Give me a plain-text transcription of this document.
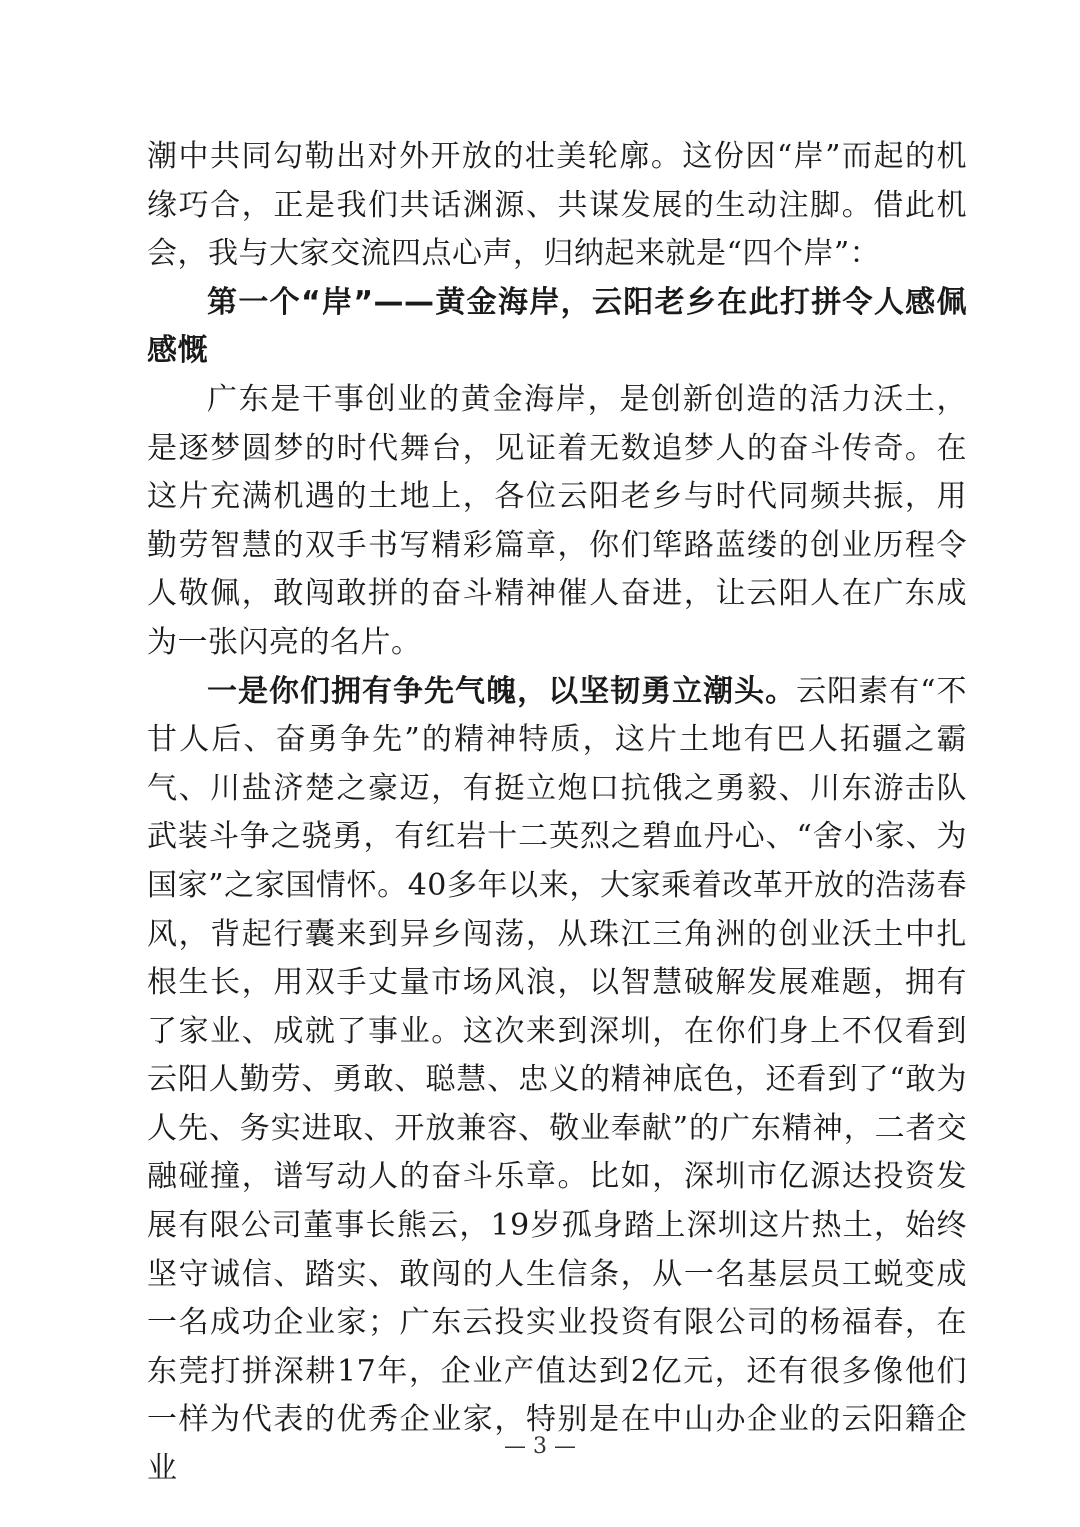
潮中共同勾勒出对外开放的壮美轮廓。这份因“岸”而起的机缘巧合，正是我们共话渊源、共谋发展的生动注脚。借此机会，我与大家交流四点心声，归纳起来就是“四个岸”：

第一个“岸”——黄金海岸，云阳老乡在此打拼令人感佩感慨

广东是干事创业的黄金海岸，是创新创造的活力沃土，是逐梦圆梦的时代舞台，见证着无数追梦人的奋斗传奇。在这片充满机遇的土地上，各位云阳老乡与时代同频共振，用勤劳智慧的双手书写精彩篇章，你们筚路蓝缕的创业历程令人敬佩，敢闯敢拼的奋斗精神催人奋进，让云阳人在广东成为一张闪亮的名片。

一是你们拥有争先气魄，以坚韧勇立潮头。云阳素有“不甘人后、奋勇争先”的精神特质，这片土地有巴人拓疆之霸气、川盐济楚之豪迈，有挺立炮口抗俄之勇毅、川东游击队武装斗争之骁勇，有红岩十二英烈之碧血丹心、“舍小家、为国家”之家国情怀。40多年以来，大家乘着改革开放的浩荡春风，背起行囊来到异乡闯荡，从珠江三角洲的创业沃土中扎根生长，用双手丈量市场风浪，以智慧破解发展难题，拥有了家业、成就了事业。这次来到深圳，在你们身上不仅看到云阳人勤劳、勇敢、聪慧、忠义的精神底色，还看到了“敢为人先、务实进取、开放兼容、敬业奉献”的广东精神，二者交融碰撞，谱写动人的奋斗乐章。比如，深圳市亿源达投资发展有限公司董事长熊云，19岁孤身踏上深圳这片热土，始终坚守诚信、踏实、敢闯的人生信条，从一名基层员工蜕变成一名成功企业家；广东云投实业投资有限公司的杨福春，在东莞打拼深耕17年，企业产值达到2亿元，还有很多像他们一样为代表的优秀企业家，特别是在中山办企业的云阳籍企业

— 3 —
